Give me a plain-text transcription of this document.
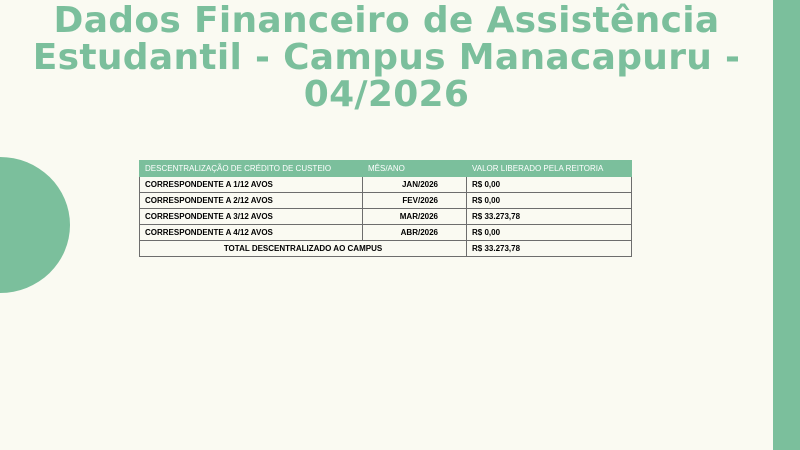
Dados Financeiro de Assistência
Estudantil - Campus Manacapuru -
04/2026
DESCENTRALIZAÇÃO DE CRÉDITO DE CUSTEIO	MÊS/ANO	VALOR LIBERADO PELA REITORIA
CORRESPONDENTE A 1/12 AVOS	JAN/2026	R$ 0,00
CORRESPONDENTE A 2/12 AVOS	FEV/2026	R$ 0,00
CORRESPONDENTE A 3/12 AVOS	MAR/2026	R$ 33.273,78
CORRESPONDENTE A 4/12 AVOS	ABR/2026	R$ 0,00
TOTAL DESCENTRALIZADO AO CAMPUS		R$ 33.273,78
